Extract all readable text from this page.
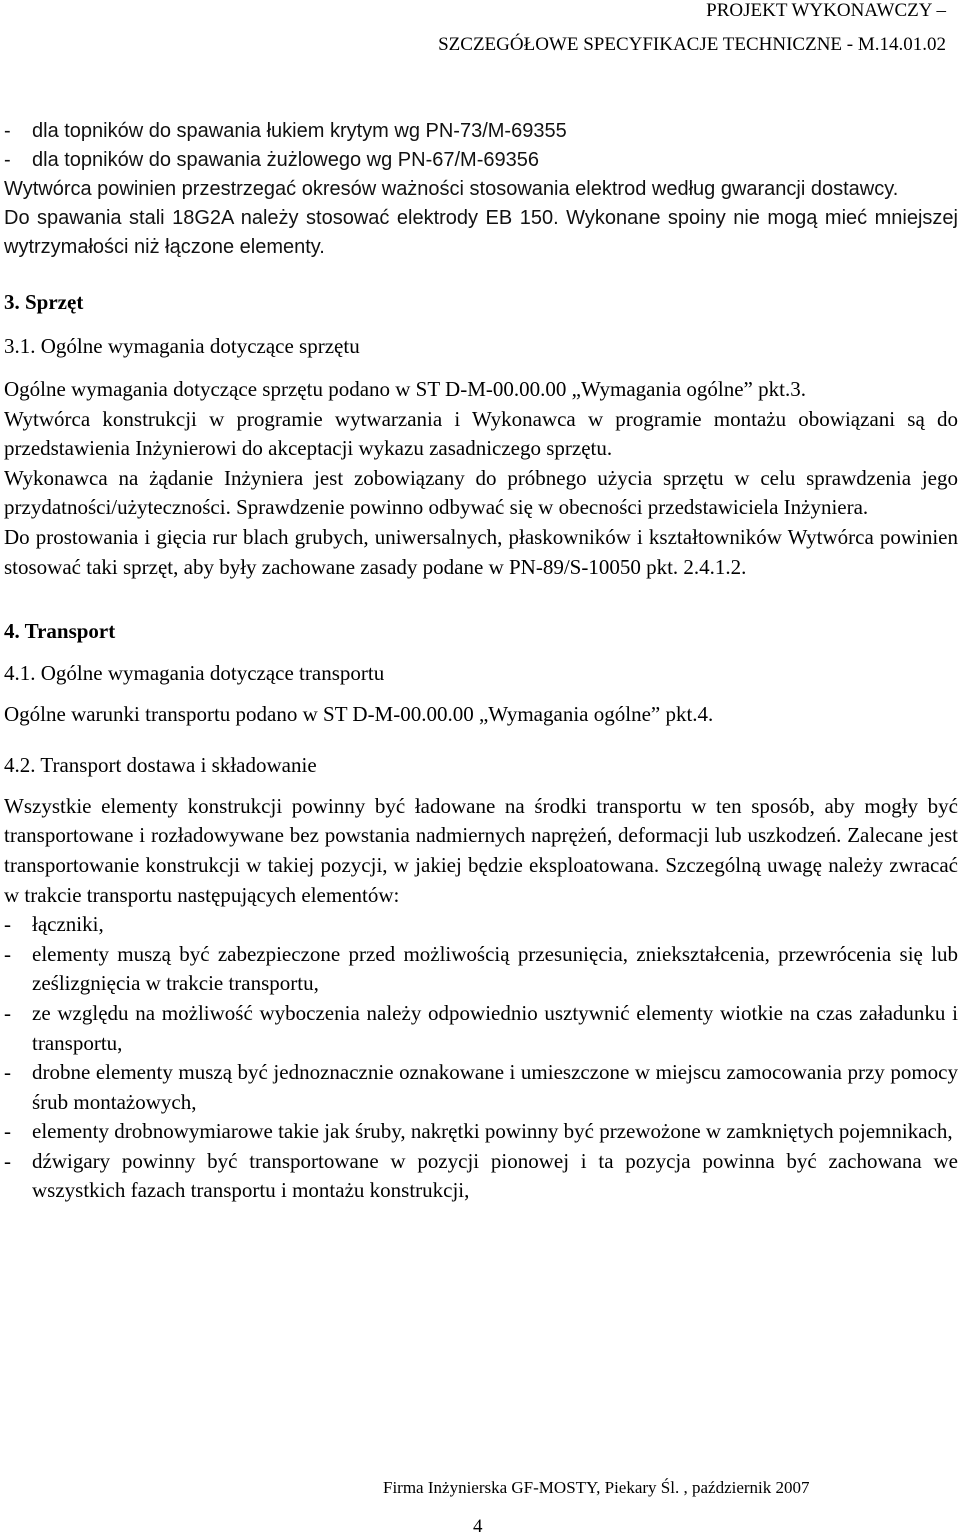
PROJEKT WYKONAWCZY –
SZCZEGÓŁOWE SPECYFIKACJE TECHNICZNE - M.14.01.02
-	dla topników do spawania łukiem krytym wg PN-73/M-69355
-	dla topników do spawania żużlowego wg PN-67/M-69356

Wytwórca powinien przestrzegać okresów ważności stosowania elektrod według gwarancji dostawcy.

Do spawania stali 18G2A należy stosować elektrody EB 150. Wykonane spoiny nie mogą mieć mniejszej wytrzymałości niż łączone elementy.

3. Sprzęt

3.1. Ogólne wymagania dotyczące sprzętu

Ogólne wymagania dotyczące sprzętu podano w ST D-M-00.00.00 „Wymagania ogólne” pkt.3.

Wytwórca konstrukcji w programie wytwarzania i Wykonawca w programie montażu obowiązani są do przedstawienia Inżynierowi do akceptacji wykazu zasadniczego sprzętu.

Wykonawca na żądanie Inżyniera jest zobowiązany do próbnego użycia sprzętu w celu sprawdzenia jego przydatności/użyteczności. Sprawdzenie powinno odbywać się w obecności przedstawiciela Inżyniera.

Do prostowania i gięcia rur blach grubych, uniwersalnych, płaskowników i kształtowników Wytwórca powinien stosować taki sprzęt, aby były zachowane zasady podane w PN-89/S-10050 pkt. 2.4.1.2.

4. Transport

4.1. Ogólne wymagania dotyczące transportu

Ogólne warunki transportu podano w ST D-M-00.00.00 „Wymagania ogólne” pkt.4.

4.2. Transport dostawa i składowanie

Wszystkie elementy konstrukcji powinny być ładowane na środki transportu w ten sposób, aby mogły być transportowane i rozładowywane bez powstania nadmiernych naprężeń, deformacji lub uszkodzeń. Zalecane jest transportowanie konstrukcji w takiej pozycji, w jakiej będzie eksploatowana. Szczególną uwagę należy zwracać w trakcie transportu następujących elementów:

-	łączniki,
-	elementy muszą być zabezpieczone przed możliwością przesunięcia, zniekształcenia, przewrócenia się lub ześlizgnięcia w trakcie transportu,
-	ze względu na możliwość wyboczenia należy odpowiednio usztywnić elementy wiotkie na czas załadunku i transportu,
-	drobne elementy muszą być jednoznacznie oznakowane i umieszczone w miejscu zamocowania przy pomocy śrub montażowych,
-	elementy drobnowymiarowe takie jak śruby, nakrętki powinny być przewożone w zamkniętych pojemnikach,
-	dźwigary powinny być transportowane w pozycji pionowej i ta pozycja powinna być zachowana we wszystkich fazach transportu i montażu konstrukcji,
Firma Inżynierska GF-MOSTY, Piekary Śl. , październik 2007
4
